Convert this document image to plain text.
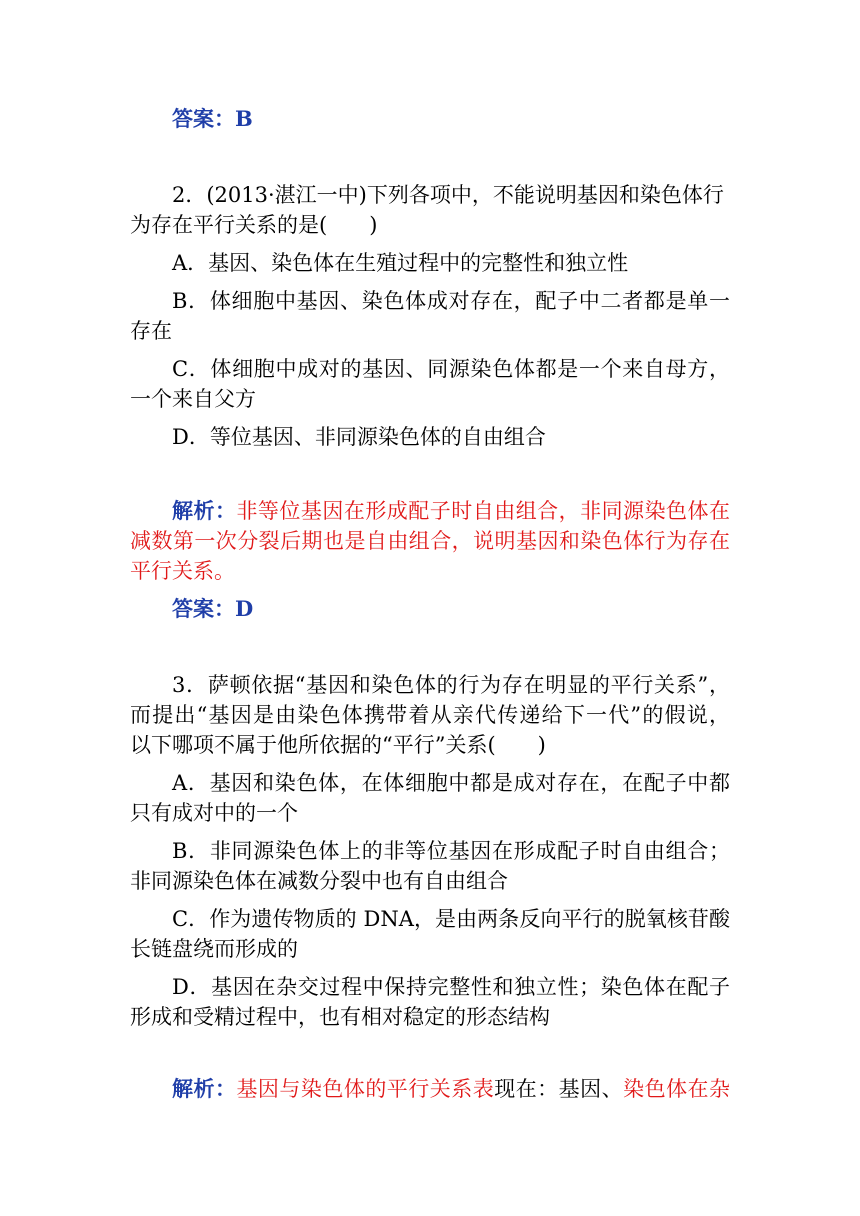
答案：B
2．(2013·湛江一中)下列各项中，不能说明基因和染色体行
为存在平行关系的是(　　)
A．基因、染色体在生殖过程中的完整性和独立性
B．体细胞中基因、染色体成对存在，配子中二者都是单一
存在
C．体细胞中成对的基因、同源染色体都是一个来自母方，
一个来自父方
D．等位基因、非同源染色体的自由组合
解析：非等位基因在形成配子时自由组合，非同源染色体在
减数第一次分裂后期也是自由组合，说明基因和染色体行为存在
平行关系。
答案：D
3．萨顿依据“基因和染色体的行为存在明显的平行关系”，
而提出“基因是由染色体携带着从亲代传递给下一代”的假说，
以下哪项不属于他所依据的“平行”关系(　　)
A．基因和染色体，在体细胞中都是成对存在，在配子中都
只有成对中的一个
B．非同源染色体上的非等位基因在形成配子时自由组合；
非同源染色体在减数分裂中也有自由组合
C．作为遗传物质的 DNA，是由两条反向平行的脱氧核苷酸
长链盘绕而形成的
D．基因在杂交过程中保持完整性和独立性；染色体在配子
形成和受精过程中，也有相对稳定的形态结构
解析：基因与染色体的平行关系表现在：基因、染色体在杂
